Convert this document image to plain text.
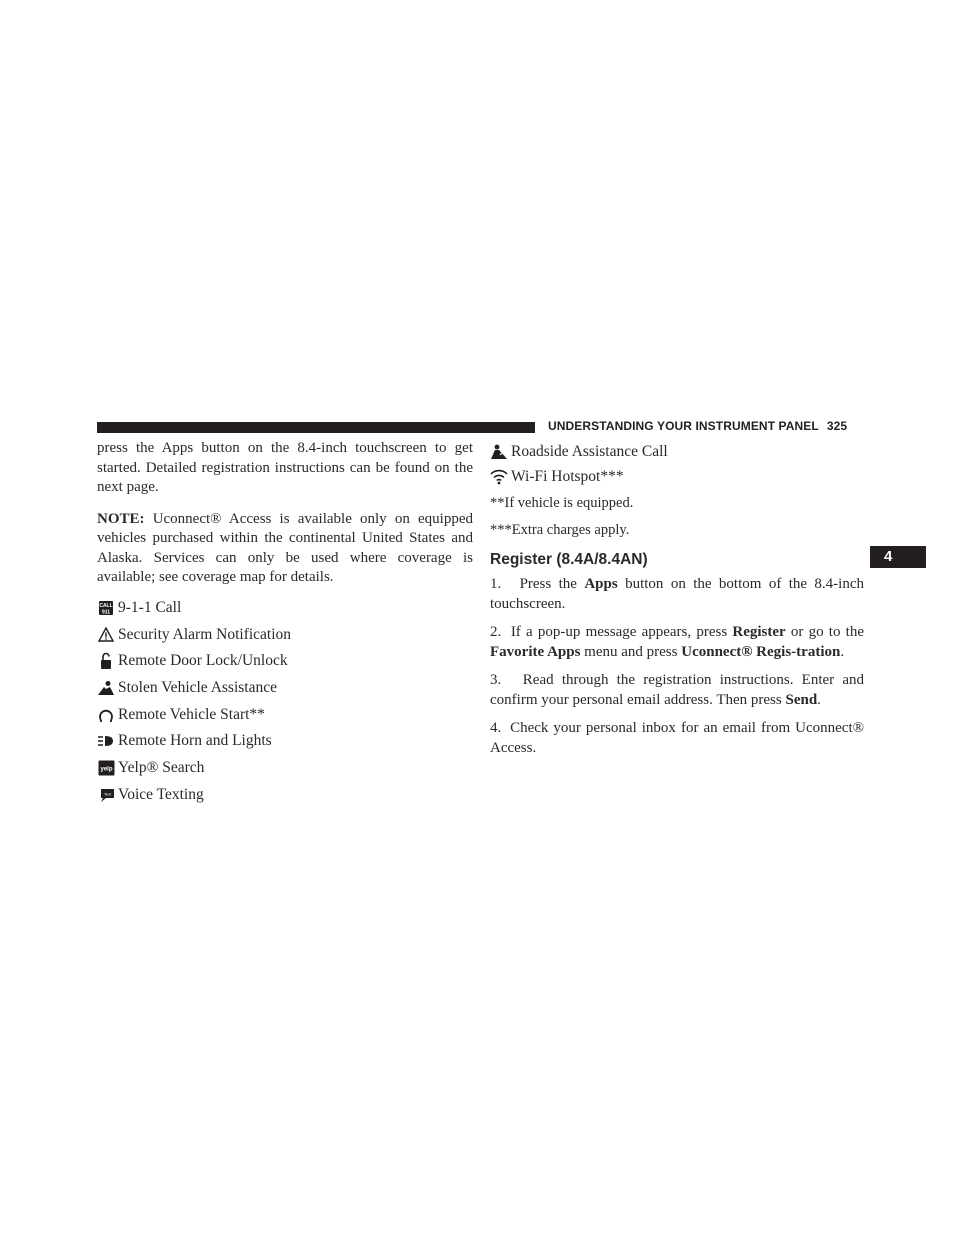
UNDERSTANDING YOUR INSTRUMENT PANEL 325
4

press the Apps button on the 8.4-inch touchscreen to get started. Detailed registration instructions can be found on the next page.

NOTE: Uconnect® Access is available only on equipped vehicles purchased within the continental United States and Alaska. Services can only be used where coverage is available; see coverage map for details.

CALL
911 9-1-1 Call
Security Alarm Notification
Remote Door Lock/Unlock
Stolen Vehicle Assistance
Remote Vehicle Start**
Remote Horn and Lights
yelp Yelp® Search
Text Voice Texting
Roadside Assistance Call
Wi-Fi Hotspot***

**If vehicle is equipped.

***Extra charges apply.

Register (8.4A/8.4AN)
1.	Press the Apps button on the bottom of the 8.4-inch touchscreen.
2. If a pop-up message appears, press Register or go to the Favorite Apps menu and press Uconnect® Regis-tration.
3.	Read through the registration instructions. Enter and confirm your personal email address. Then press Send.
4. Check your personal inbox for an email from Uconnect® Access.
